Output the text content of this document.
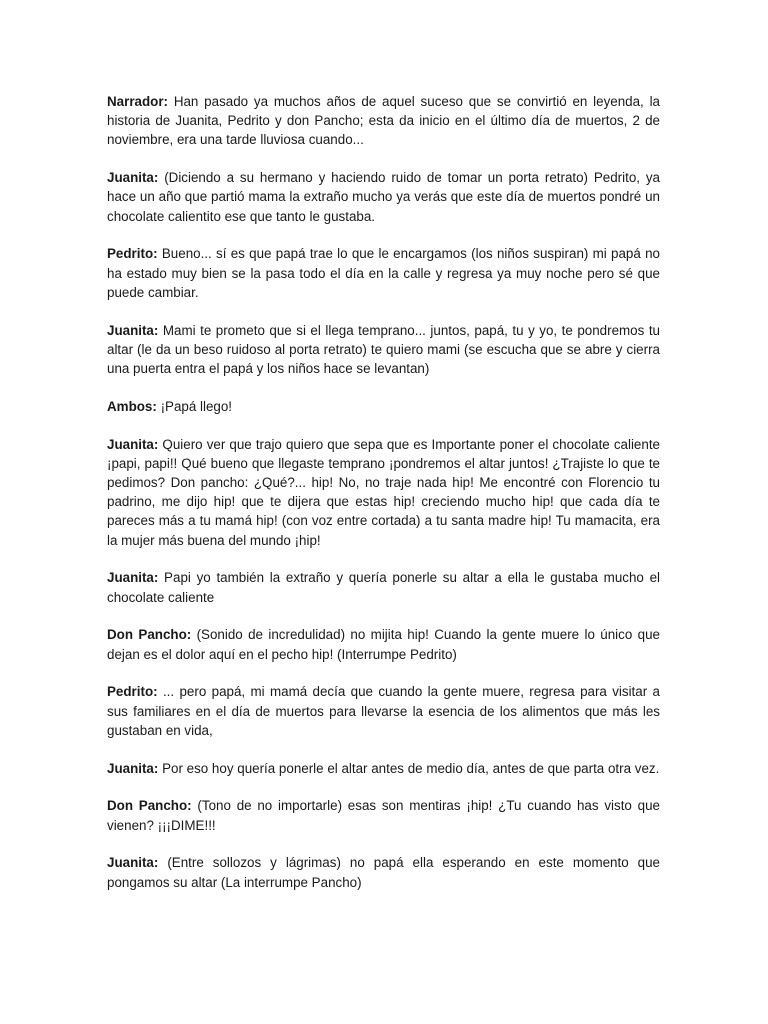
Narrador: Han pasado ya muchos años de aquel suceso que se convirtió en leyenda, la historia de Juanita, Pedrito y don Pancho; esta da inicio en el último día de muertos, 2 de noviembre, era una tarde lluviosa cuando...

Juanita: (Diciendo a su hermano y haciendo ruido de tomar un porta retrato) Pedrito, ya hace un año que partió mama la extraño mucho ya verás que este día de muertos pondré un chocolate calientito ese que tanto le gustaba.

Pedrito: Bueno... sí es que papá trae lo que le encargamos (los niños suspiran) mi papá no ha estado muy bien se la pasa todo el día en la calle y regresa ya muy noche pero sé que puede cambiar.

Juanita: Mami te prometo que si el llega temprano... juntos, papá, tu y yo, te pondremos tu altar (le da un beso ruidoso al porta retrato) te quiero mami (se escucha que se abre y cierra una puerta entra el papá y los niños hace se levantan)

Ambos: ¡Papá llego!

Juanita: Quiero ver que trajo quiero que sepa que es Importante poner el chocolate caliente ¡papi, papi!! Qué bueno que llegaste temprano ¡pondremos el altar juntos! ¿Trajiste lo que te pedimos? Don pancho: ¿Qué?... hip! No, no traje nada hip! Me encontré con Florencio tu padrino, me dijo hip! que te dijera que estas hip! creciendo mucho hip! que cada día te pareces más a tu mamá hip! (con voz entre cortada) a tu santa madre hip! Tu mamacita, era la mujer más buena del mundo ¡hip!

Juanita: Papi yo también la extraño y quería ponerle su altar a ella le gustaba mucho el chocolate caliente

Don Pancho: (Sonido de incredulidad) no mijita hip! Cuando la gente muere lo único que dejan es el dolor aquí en el pecho hip! (Interrumpe Pedrito)

Pedrito: ... pero papá, mi mamá decía que cuando la gente muere, regresa para visitar a sus familiares en el día de muertos para llevarse la esencia de los alimentos que más les gustaban en vida,

Juanita: Por eso hoy quería ponerle el altar antes de medio día, antes de que parta otra vez.

Don Pancho: (Tono de no importarle) esas son mentiras ¡hip! ¿Tu cuando has visto que vienen? ¡¡¡DIME!!!

Juanita: (Entre sollozos y lágrimas) no papá ella esperando en este momento que pongamos su altar (La interrumpe Pancho)
